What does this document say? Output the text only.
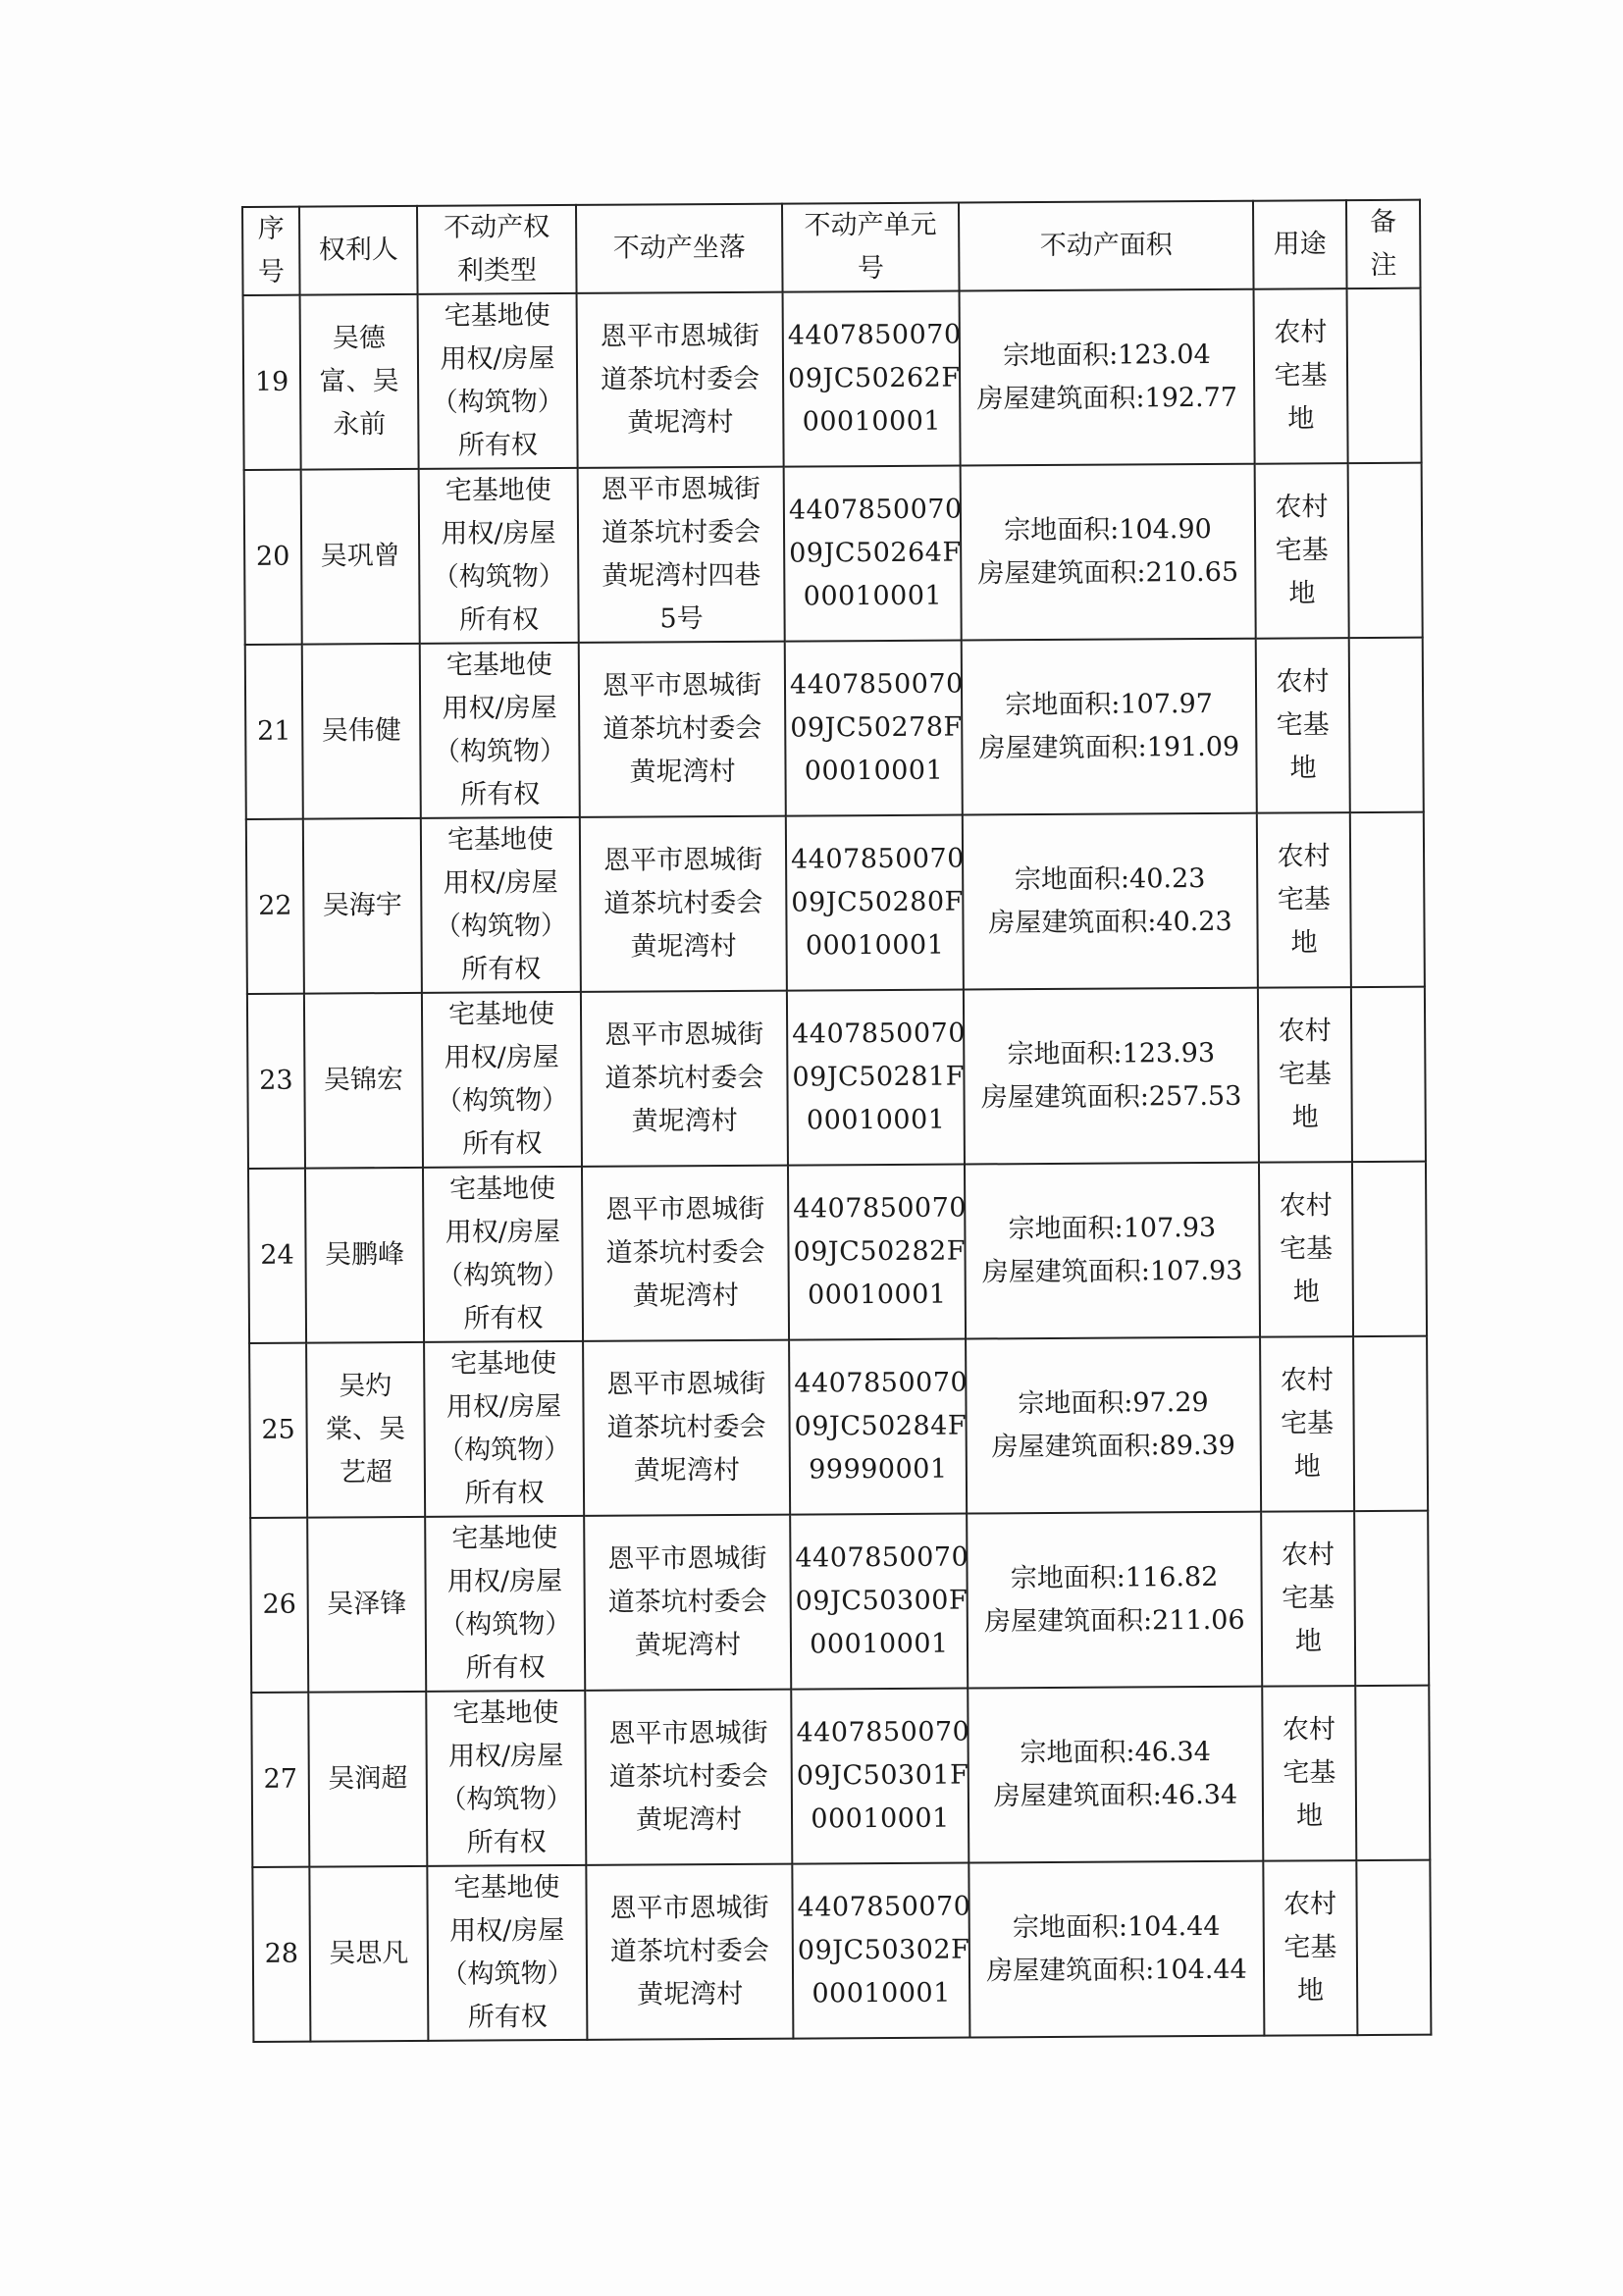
序
号	权利人	不动产权
利类型	不动产坐落	不动产单元
号	不动产面积	用途	备
注

19	吴德
富、吴
永前	宅基地使
用权/房屋
（构筑物）
所有权	恩平市恩城街
道茶坑村委会
黄坭湾村	4407850070
09JC50262F
00010001	宗地面积:123.04
房屋建筑面积:192.77	农村
宅基
地	

20	吴巩曾	宅基地使
用权/房屋
（构筑物）
所有权	恩平市恩城街
道茶坑村委会
黄坭湾村四巷
5号	4407850070
09JC50264F
00010001	宗地面积:104.90
房屋建筑面积:210.65	农村
宅基
地	

21	吴伟健	宅基地使
用权/房屋
（构筑物）
所有权	恩平市恩城街
道茶坑村委会
黄坭湾村	4407850070
09JC50278F
00010001	宗地面积:107.97
房屋建筑面积:191.09	农村
宅基
地	

22	吴海宇	宅基地使
用权/房屋
（构筑物）
所有权	恩平市恩城街
道茶坑村委会
黄坭湾村	4407850070
09JC50280F
00010001	宗地面积:40.23
房屋建筑面积:40.23	农村
宅基
地	

23	吴锦宏	宅基地使
用权/房屋
（构筑物）
所有权	恩平市恩城街
道茶坑村委会
黄坭湾村	4407850070
09JC50281F
00010001	宗地面积:123.93
房屋建筑面积:257.53	农村
宅基
地	

24	吴鹏峰	宅基地使
用权/房屋
（构筑物）
所有权	恩平市恩城街
道茶坑村委会
黄坭湾村	4407850070
09JC50282F
00010001	宗地面积:107.93
房屋建筑面积:107.93	农村
宅基
地	

25	吴灼
棠、吴
艺超	宅基地使
用权/房屋
（构筑物）
所有权	恩平市恩城街
道茶坑村委会
黄坭湾村	4407850070
09JC50284F
99990001	宗地面积:97.29
房屋建筑面积:89.39	农村
宅基
地	

26	吴泽锋	宅基地使
用权/房屋
（构筑物）
所有权	恩平市恩城街
道茶坑村委会
黄坭湾村	4407850070
09JC50300F
00010001	宗地面积:116.82
房屋建筑面积:211.06	农村
宅基
地	

27	吴润超	宅基地使
用权/房屋
（构筑物）
所有权	恩平市恩城街
道茶坑村委会
黄坭湾村	4407850070
09JC50301F
00010001	宗地面积:46.34
房屋建筑面积:46.34	农村
宅基
地	

28	吴思凡	宅基地使
用权/房屋
（构筑物）
所有权	恩平市恩城街
道茶坑村委会
黄坭湾村	4407850070
09JC50302F
00010001	宗地面积:104.44
房屋建筑面积:104.44	农村
宅基
地	
